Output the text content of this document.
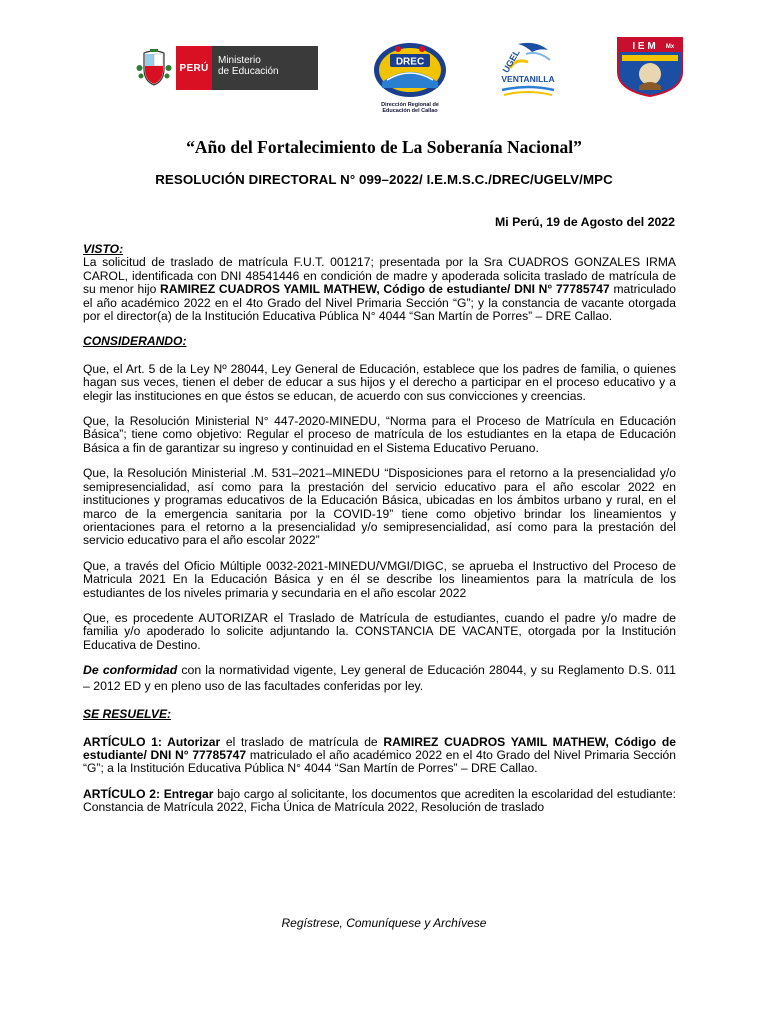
PERÚ
Ministerio
de Educación
DREC
Dirección Regional de
Educación del Callao
UGEL
VENTANILLA
I E M Mx
“Año del Fortalecimiento de La Soberanía Nacional”
RESOLUCIÓN DIRECTORAL N° 099–2022/ I.E.M.S.C./DREC/UGELV/MPC
Mi Perú, 19 de Agosto del 2022

VISTO:

La solicitud de traslado de matrícula F.U.T. 001217; presentada por la Sra CUADROS GONZALES IRMA CAROL, identificada con DNI 48541446 en condición de madre y apoderada solicita traslado de matrícula de su menor hijo RAMIREZ CUADROS YAMIL MATHEW, Código de estudiante/ DNI N° 77785747 matriculado el año académico 2022 en el 4to Grado del Nivel Primaria Sección “G”; y la constancia de vacante otorgada por el director(a) de la Institución Educativa Pública N° 4044 “San Martín de Porres” – DRE Callao.

CONSIDERANDO:

Que, el Art. 5 de la Ley Nº 28044, Ley General de Educación, establece que los padres de familia, o quienes hagan sus veces, tienen el deber de educar a sus hijos y el derecho a participar en el proceso educativo y a elegir las instituciones en que éstos se educan, de acuerdo con sus convicciones y creencias.

Que, la Resolución Ministerial N° 447-2020-MINEDU, “Norma para el Proceso de Matrícula en Educación Básica”; tiene como objetivo: Regular el proceso de matrícula de los estudiantes en la etapa de Educación Básica a fin de garantizar su ingreso y continuidad en el Sistema Educativo Peruano.

Que, la Resolución Ministerial .M. 531–2021–MINEDU “Disposiciones para el retorno a la presencialidad y/o semipresencialidad, así como para la prestación del servicio educativo para el año escolar 2022 en instituciones y programas educativos de la Educación Básica, ubicadas en los ámbitos urbano y rural, en el marco de la emergencia sanitaria por la COVID-19” tiene como objetivo brindar los lineamientos y orientaciones para el retorno a la presencialidad y/o semipresencialidad, así como para la prestación del servicio educativo para el año escolar 2022”

Que, a través del Oficio Múltiple 0032-2021-MINEDU/VMGI/DIGC, se aprueba el Instructivo del Proceso de Matricula 2021 En la Educación Básica y en él se describe los lineamientos para la matrícula de los estudiantes de los niveles primaria y secundaria en el año escolar 2022

Que, es procedente AUTORIZAR el Traslado de Matrícula de estudiantes, cuando el padre y/o madre de familia y/o apoderado lo solicite adjuntando la. CONSTANCIA DE VACANTE, otorgada por la Institución Educativa de Destino.

De conformidad con la normatividad vigente, Ley general de Educación 28044, y su Reglamento D.S. 011 – 2012 ED y en pleno uso de las facultades conferidas por ley.

SE RESUELVE:

ARTÍCULO 1: Autorizar el traslado de matrícula de RAMIREZ CUADROS YAMIL MATHEW, Código de estudiante/ DNI N° 77785747 matriculado el año académico 2022 en el 4to Grado del Nivel Primaria Sección “G”; a la Institución Educativa Pública N° 4044 “San Martín de Porres” – DRE Callao.

ARTÍCULO 2: Entregar bajo cargo al solicitante, los documentos que acrediten la escolaridad del estudiante: Constancia de Matrícula 2022, Ficha Única de Matrícula 2022, Resolución de traslado

Regístrese, Comuníquese y Archívese
